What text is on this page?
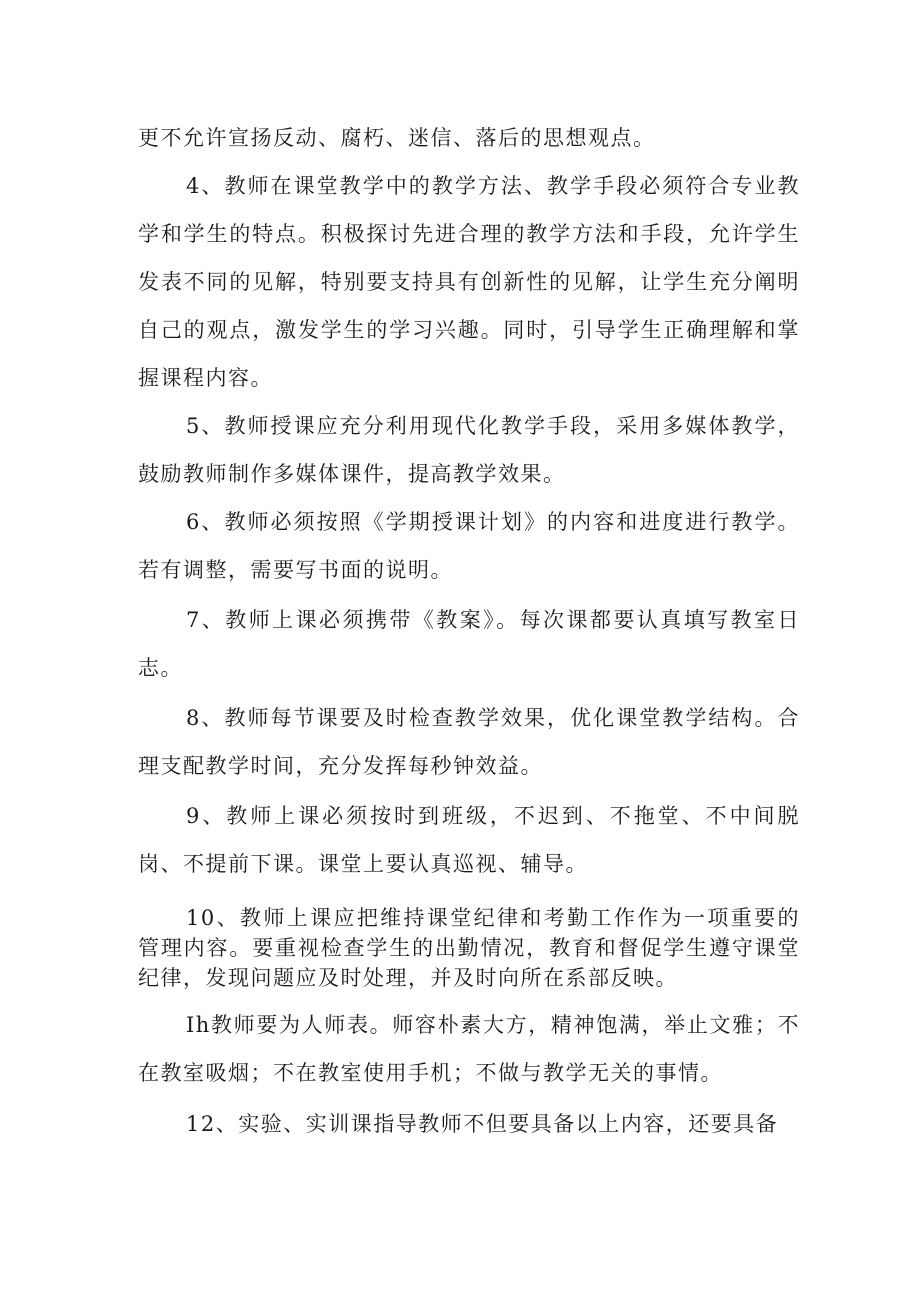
更不允许宣扬反动、腐朽、迷信、落后的思想观点。

4、教师在课堂教学中的教学方法、教学手段必须符合专业教学和学生的特点。积极探讨先进合理的教学方法和手段，允许学生发表不同的见解，特别要支持具有创新性的见解，让学生充分阐明自己的观点，激发学生的学习兴趣。同时，引导学生正确理解和掌握课程内容。

5、教师授课应充分利用现代化教学手段，采用多媒体教学，鼓励教师制作多媒体课件，提高教学效果。

6、教师必须按照《学期授课计划》的内容和进度进行教学。若有调整，需要写书面的说明。

7、教师上课必须携带《教案》。每次课都要认真填写教室日志。

8、教师每节课要及时检查教学效果，优化课堂教学结构。合理支配教学时间，充分发挥每秒钟效益。

9、教师上课必须按时到班级，不迟到、不拖堂、不中间脱岗、不提前下课。课堂上要认真巡视、辅导。

10、教师上课应把维持课堂纪律和考勤工作作为一项重要的管理内容。要重视检查学生的出勤情况，教育和督促学生遵守课堂纪律，发现问题应及时处理，并及时向所在系部反映。

Ih教师要为人师表。师容朴素大方，精神饱满，举止文雅；不在教室吸烟；不在教室使用手机；不做与教学无关的事情。

12、实验、实训课指导教师不但要具备以上内容，还要具备
